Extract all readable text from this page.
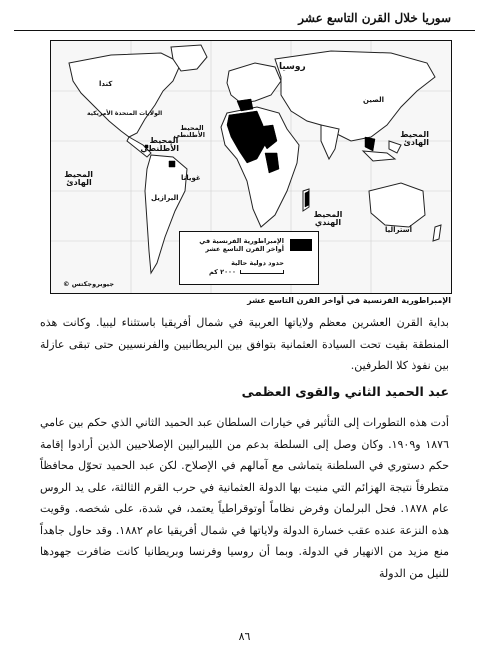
سوريا خلال القرن التاسع عشر
روسيا
كندا
الولايات المتحدة الأمريكية
المحيط الأطلنطي
المحيط الأطلنطي
المحيط الهادئ
المحيط الهادئ
المحيط الهندي
البرازيل
غويانا
أستراليا
الصين
الإمبراطورية الفرنسية في أواخر القرن التاسع عشر
حدود دولية حالية
٢٠٠٠ كم
© جيوبروجكتس
الإمبراطورية الفرنسية في أواخر القرن التاسع عشر

بداية القرن العشرين معظم ولاياتها العربية في شمال أفريقيا باستثناء ليبيا. وكانت هذه المنطقة بقيت تحت السيادة العثمانية بتوافق بين البريطانيين والفرنسيين حتى تبقى عازلة بين نفوذ كلا الطرفين.

عبد الحميد الثاني والقوى العظمى

أدت هذه التطورات إلى التأثير في خيارات السلطان عبد الحميد الثاني الذي حكم بين عامي ١٨٧٦ و١٩٠٩. وكان وصل إلى السلطة بدعم من الليبراليين الإصلاحيين الذين أرادوا إقامة حكم دستوري في السلطنة يتماشى مع آمالهم في الإصلاح. لكن عبد الحميد تحوّل محافظاً متطرفاً نتيجة الهزائم التي منيت بها الدولة العثمانية في حرب القرم الثالثة، على يد الروس عام ١٨٧٨. فحل البرلمان وفرض نظاماً أوتوقراطياً يعتمد، في شدة، على شخصه. وقويت هذه النزعة عنده عقب خسارة الدولة ولاياتها في شمال أفريقيا عام ١٨٨٢. وقد حاول جاهداً منع مزيد من الانهيار في الدولة. وبما أن روسيا وفرنسا وبريطانيا كانت ضافرت جهودها للنيل من الدولة

٨٦
